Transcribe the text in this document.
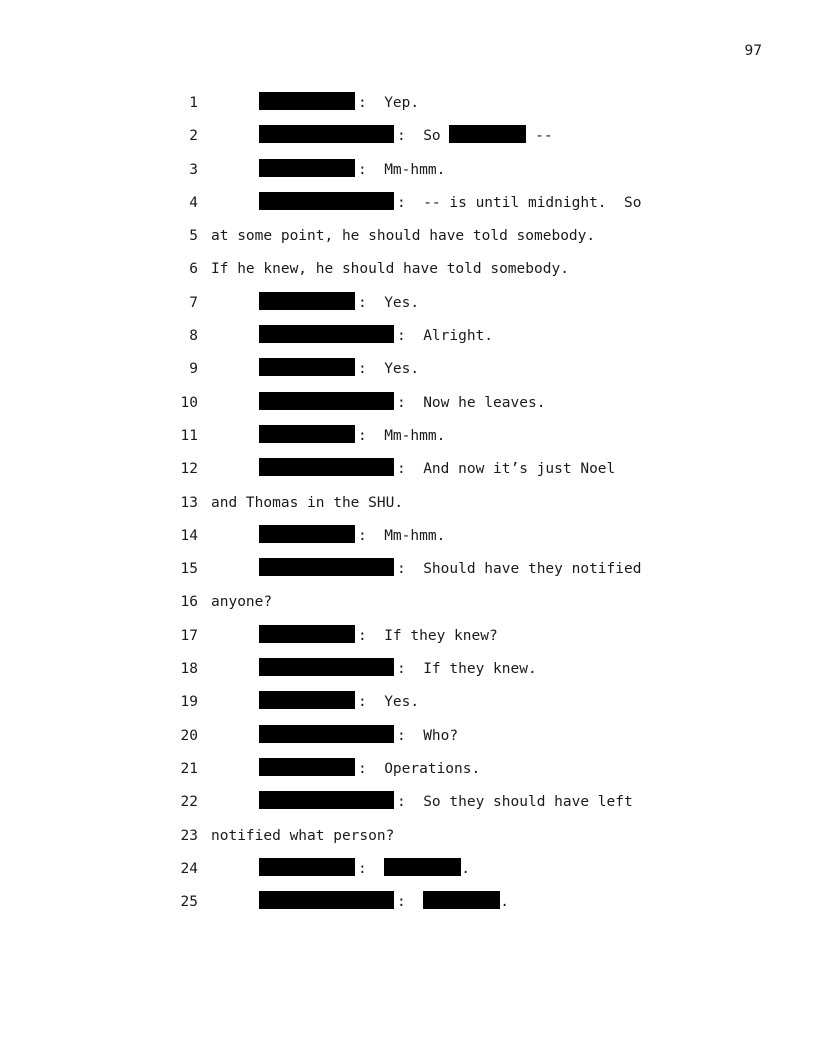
97
1	:  Yep.
2	:  So	--
3	:  Mm-hmm.
4	:  -- is until midnight.  So
5 at some point, he should have told somebody.
6 If he knew, he should have told somebody.
7	:  Yes.
8	:  Alright.
9	:  Yes.
10	:  Now he leaves.
11	:  Mm-hmm.
12	:  And now it’s just Noel
13 and Thomas in the SHU.
14	:  Mm-hmm.
15	:  Should have they notified
16 anyone?
17	:  If they knew?
18	:  If they knew.
19	:  Yes.
20	:  Who?
21	:  Operations.
22	:  So they should have left
23 notified what person?
24	:	.
25	:	.
